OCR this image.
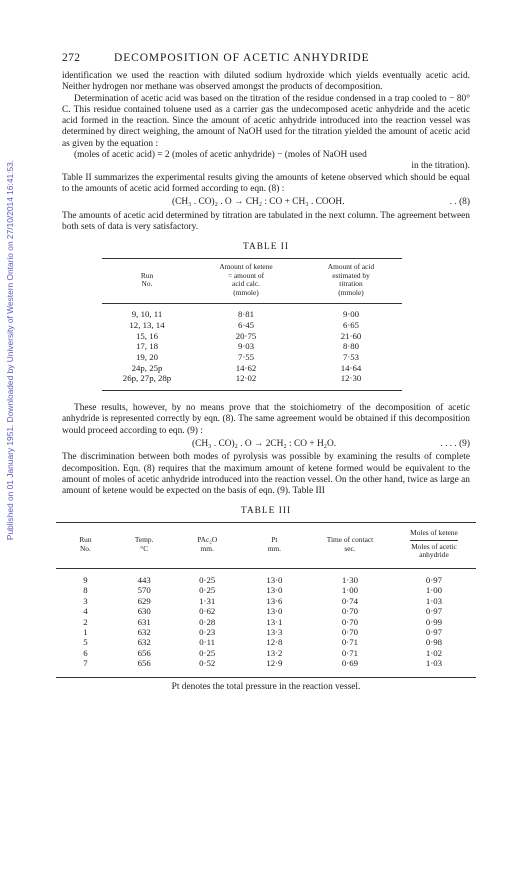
Published on 01 January 1951. Downloaded by University of Western Ontario on 27/10/2014 16:41:53.
272	DECOMPOSITION OF ACETIC ANHYDRIDE

identification we used the reaction with diluted sodium hydroxide which yields eventually acetic acid. Neither hydrogen nor methane was observed amongst the products of decomposition.

Determination of acetic acid was based on the titration of the residue condensed in a trap cooled to − 80° C. This residue contained toluene used as a carrier gas the undecomposed acetic anhydride and the acetic acid formed in the reaction. Since the amount of acetic anhydride introduced into the reaction vessel was determined by direct weighing, the amount of NaOH used for the titration yielded the amount of acetic acid as given by the equation :

(moles of acetic acid) = 2 (moles of acetic anhydride) − (moles of NaOH used
in the titration).

Table II summarizes the experimental results giving the amounts of ketene observed which should be equal to the amounts of acetic acid formed according to eqn. (8) :

(CH₃ . CO)₂ . O → CH₂ : CO + CH₃ . COOH.	. . (8)

The amounts of acetic acid determined by titration are tabulated in the next column. The agreement between both sets of data is very satisfactory.

TABLE II
Run
No.	Amount of ketene
= amount of
acid calc.
(mmole)	Amount of acid
estimated by
titration
(mmole)
9, 10, 11	8·81	9·00
12, 13, 14	6·45	6·65
15, 16	20·75	21·60
17, 18	9·03	8·80
19, 20	7·55	7·53
24p, 25p	14·62	14·64
26p, 27p, 28p	12·02	12·30

These results, however, by no means prove that the stoichiometry of the decomposition of acetic anhydride is represented correctly by eqn. (8). The same agreement would be obtained if this decomposition would proceed according to eqn. (9) :

(CH₃ . CO)₂ . O → 2CH₂ : CO + H₂O.	. . . . (9)

The discrimination between both modes of pyrolysis was possible by examining the results of complete decomposition. Eqn. (8) requires that the maximum amount of ketene formed would be equivalent to the amount of moles of acetic anhydride introduced into the reaction vessel. On the other hand, twice as large an amount of ketene would be expected on the basis of eqn. (9). Table III

TABLE III
Run
No.	Temp.
°C	PAc₂O
mm.	Pt
mm.	Time of contact
sec.	Moles of ketene
Moles of acetic
anhydride
9	443	0·25	13·0	1·30	0·97
8	570	0·25	13·0	1·00	1·00
3	629	1·31	13·6	0·74	1·03
4	630	0·62	13·0	0·70	0·97
2	631	0·28	13·1	0·70	0·99
1	632	0·23	13·3	0·70	0·97
5	632	0·11	12·8	0·71	0·98
6	656	0·25	13·2	0·71	1·02
7	656	0·52	12·9	0·69	1·03
Pt denotes the total pressure in the reaction vessel.
